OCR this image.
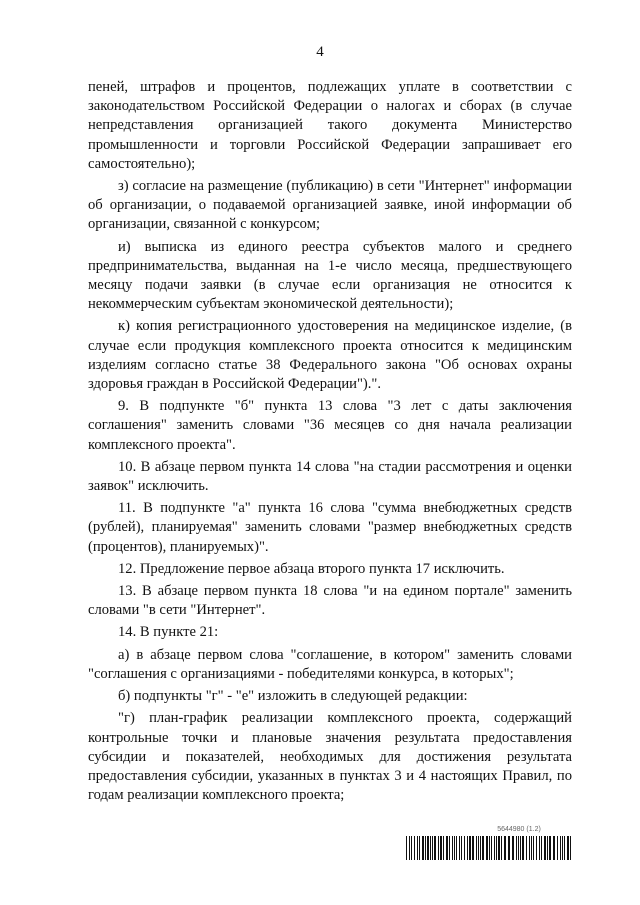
4

пеней, штрафов и процентов, подлежащих уплате в соответствии с законодательством Российской Федерации о налогах и сборах (в случае непредставления организацией такого документа Министерство промышленности и торговли Российской Федерации запрашивает его самостоятельно);

з) согласие на размещение (публикацию) в сети "Интернет" информации об организации, о подаваемой организацией заявке, иной информации об организации, связанной с конкурсом;

и) выписка из единого реестра субъектов малого и среднего предпринимательства, выданная на 1-е число месяца, предшествующего месяцу подачи заявки (в случае если организация не относится к некоммерческим субъектам экономической деятельности);

к) копия регистрационного удостоверения на медицинское изделие, (в случае если продукция комплексного проекта относится к медицинским изделиям согласно статье 38 Федерального закона "Об основах охраны здоровья граждан в Российской Федерации").".

9. В подпункте "б" пункта 13 слова "3 лет с даты заключения соглашения" заменить словами "36 месяцев со дня начала реализации комплексного проекта".

10. В абзаце первом пункта 14 слова "на стадии рассмотрения и оценки заявок" исключить.

11. В подпункте "а" пункта 16 слова "сумма внебюджетных средств (рублей), планируемая" заменить словами "размер внебюджетных средств (процентов), планируемых)".

12. Предложение первое абзаца второго пункта 17 исключить.

13. В абзаце первом пункта 18 слова "и на едином портале" заменить словами "в сети "Интернет".

14. В пункте 21:

а) в абзаце первом слова "соглашение, в котором" заменить словами "соглашения с организациями - победителями конкурса, в которых";

б) подпункты "г" - "е" изложить в следующей редакции:

"г) план-график реализации комплексного проекта, содержащий контрольные точки и плановые значения результата предоставления субсидии и показателей, необходимых для достижения результата предоставления субсидии, указанных в пунктах 3 и 4 настоящих Правил, по годам реализации комплексного проекта;

5644980 (1.2)
